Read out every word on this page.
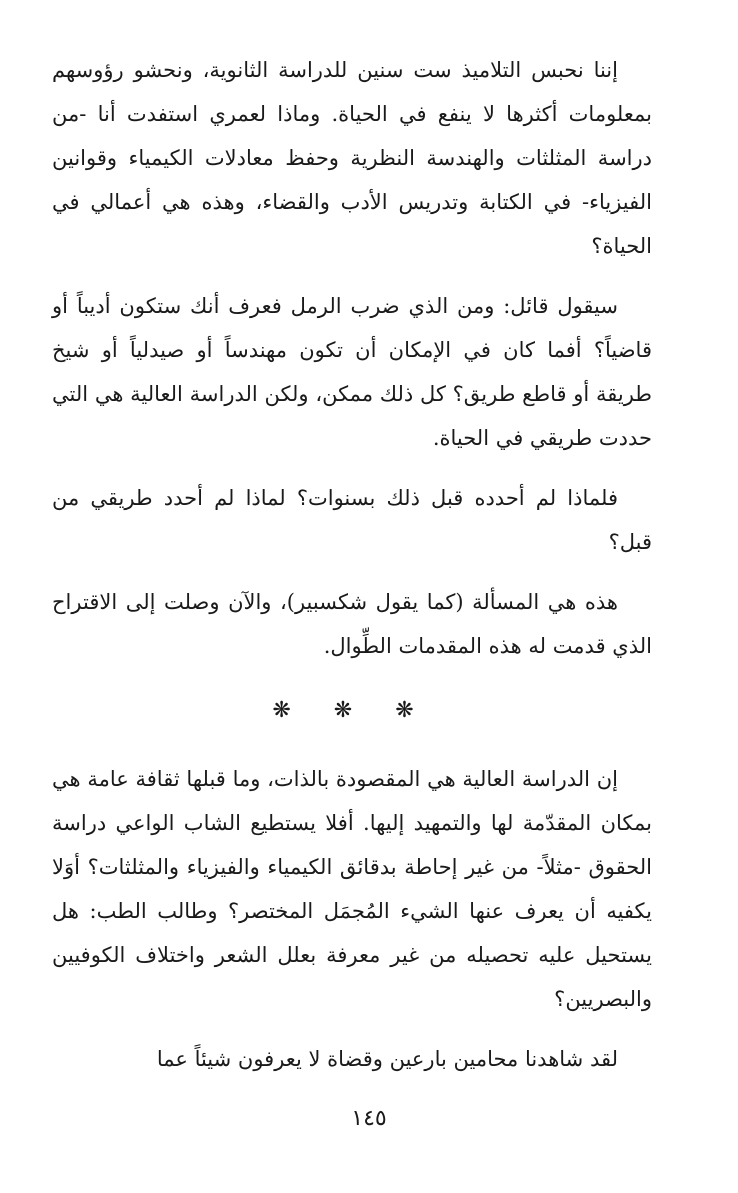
إننا نحبس التلاميذ ست سنين للدراسة الثانوية، ونحشو رؤوسهم بمعلومات أكثرها لا ينفع في الحياة. وماذا لعمري استفدت أنا -من دراسة المثلثات والهندسة النظرية وحفظ معادلات الكيمياء وقوانين الفيزياء- في الكتابة وتدريس الأدب والقضاء، وهذه هي أعمالي في الحياة؟

سيقول قائل: ومن الذي ضرب الرمل فعرف أنك ستكون أديباً أو قاضياً؟ أفما كان في الإمكان أن تكون مهندساً أو صيدلياً أو شيخ طريقة أو قاطع طريق؟ كل ذلك ممكن، ولكن الدراسة العالية هي التي حددت طريقي في الحياة.

فلماذا لم أحدده قبل ذلك بسنوات؟ لماذا لم أحدد طريقي من قبل؟

هذه هي المسألة (كما يقول شكسبير)، والآن وصلت إلى الاقتراح الذي قدمت له هذه المقدمات الطِّوال.

❋ ❋ ❋

إن الدراسة العالية هي المقصودة بالذات، وما قبلها ثقافة عامة هي بمكان المقدّمة لها والتمهيد إليها. أفلا يستطيع الشاب الواعي دراسة الحقوق -مثلاً- من غير إحاطة بدقائق الكيمياء والفيزياء والمثلثات؟ أوَلا يكفيه أن يعرف عنها الشيء المُجمَل المختصر؟ وطالب الطب: هل يستحيل عليه تحصيله من غير معرفة بعلل الشعر واختلاف الكوفيين والبصريين؟

لقد شاهدنا محامين بارعين وقضاة لا يعرفون شيئاً عما

١٤٥
